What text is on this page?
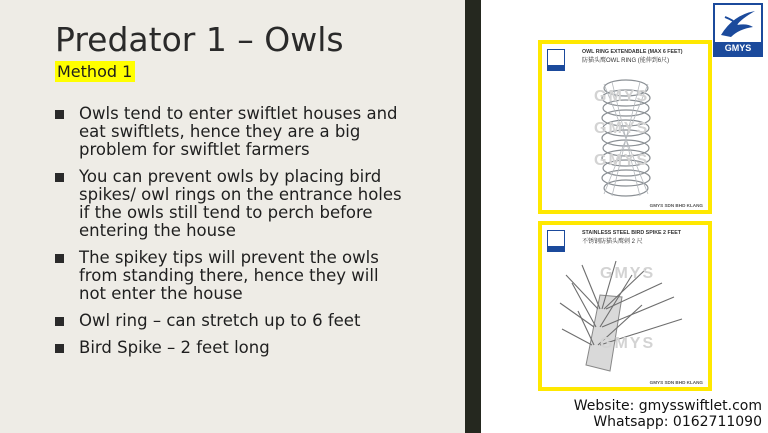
Predator 1 – Owls
Method 1
Owls tend to enter swiftlet houses and eat swiftlets, hence they are a big problem for swiftlet farmers
You can prevent owls by placing bird spikes/ owl rings on the entrance holes if the owls still tend to perch before entering the house
The spikey tips will prevent the owls from standing there, hence they will not enter the house
Owl ring – can stretch up to 6 feet
Bird Spike – 2 feet long
GMYS
OWL RING EXTENDABLE (MAX 6 FEET)
防猫头鹰OWL RING (能伸到6尺)
GMYS
GMYS
GMYS
GMYS SDN BHD KLANG
STAINLESS STEEL BIRD SPIKE 2 FEET
不锈钢防猫头鹰刺 2 尺
GMYS
GMYS
GMYS SDN BHD KLANG
Website: gmysswiftlet.com
Whatsapp: 0162711090
